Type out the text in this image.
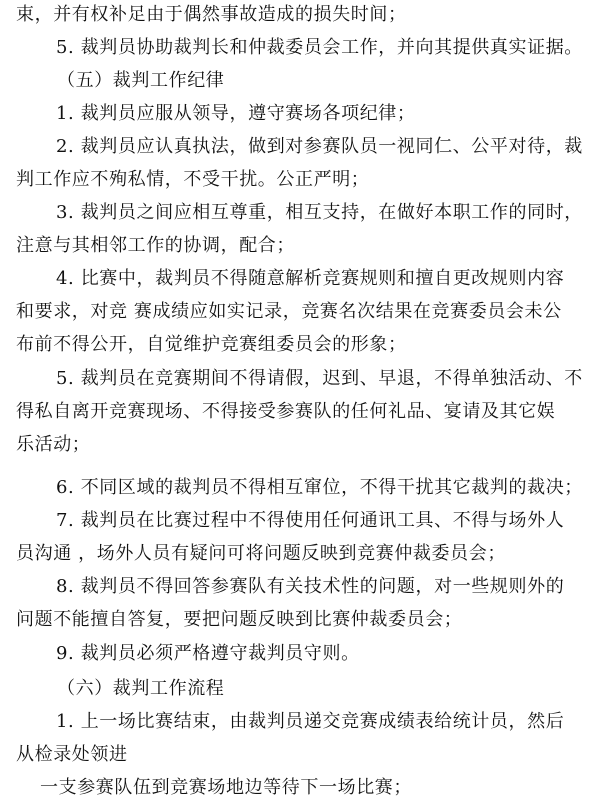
束，并有权补足由于偶然事故造成的损失时间；
5. 裁判员协助裁判长和仲裁委员会工作，并向其提供真实证据。
（五）裁判工作纪律
1. 裁判员应服从领导，遵守赛场各项纪律；
2. 裁判员应认真执法，做到对参赛队员一视同仁、公平对待，裁
判工作应不殉私情，不受干扰。公正严明；
3. 裁判员之间应相互尊重，相互支持，在做好本职工作的同时，
注意与其相邻工作的协调，配合；
4. 比赛中，裁判员不得随意解析竞赛规则和擅自更改规则内容
和要求，对竞 赛成绩应如实记录，竞赛名次结果在竞赛委员会未公
布前不得公开，自觉维护竞赛组委员会的形象；
5. 裁判员在竞赛期间不得请假，迟到、早退，不得单独活动、不
得私自离开竞赛现场、不得接受参赛队的任何礼品、宴请及其它娱
乐活动；
6. 不同区域的裁判员不得相互窜位，不得干扰其它裁判的裁决；
7. 裁判员在比赛过程中不得使用任何通讯工具、不得与场外人
员沟通 ，场外人员有疑问可将问题反映到竞赛仲裁委员会；
8. 裁判员不得回答参赛队有关技术性的问题，对一些规则外的
问题不能擅自答复，要把问题反映到比赛仲裁委员会；
9. 裁判员必须严格遵守裁判员守则。
（六）裁判工作流程
1. 上一场比赛结束，由裁判员递交竞赛成绩表给统计员，然后
从检录处领进
一支参赛队伍到竞赛场地边等待下一场比赛；
